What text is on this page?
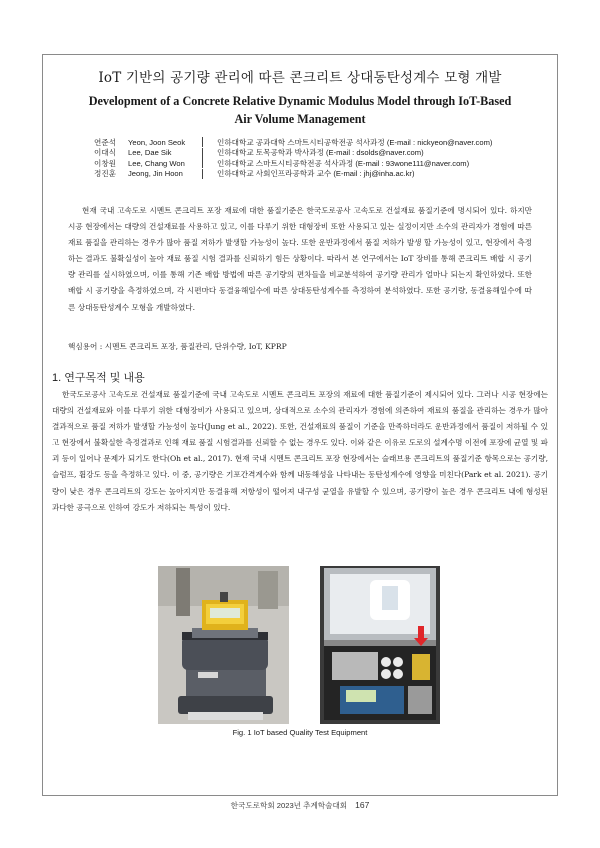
IoT 기반의 공기량 관리에 따른 콘크리트 상대동탄성계수 모형 개발
Development of a Concrete Relative Dynamic Modulus Model through IoT-Based Air Volume Management
연준석	Yeon, Joon Seok	인하대학교 공과대학 스마트시티공학전공 석사과정 (E-mail : nickyeon@naver.com)
이대식	Lee, Dae Sik	인하대학교 토목공학과 박사과정 (E-mail : dsolds@naver.com)
이창원	Lee, Chang Won	인하대학교 스마트시티공학전공 석사과정 (E-mail : 93wone111@naver.com)
정진훈	Jeong, Jin Hoon	인하대학교 사회인프라공학과 교수 (E-mail : jhj@inha.ac.kr)

현재 국내 고속도로 시멘트 콘크리트 포장 재료에 대한 품질기준은 한국도로공사 고속도로 건설재료 품질기준에 명시되어 있다. 하지만 시공 현장에서는 대량의 건설재료를 사용하고 있고, 이를 다루기 위한 대형장비 또한 사용되고 있는 실정이지만 소수의 관리자가 경험에 따른 재료 품질을 관리하는 경우가 많아 품질 저하가 발생할 가능성이 높다. 또한 운반과정에서 품질 저하가 발생 할 가능성이 있고, 현장에서 측정하는 결과도 불확실성이 높아 재료 품질 시험 결과를 신뢰하기 힘든 상황이다. 따라서 본 연구에서는 IoT 장비를 통해 콘크리트 배합 시 공기량 관리를 실시하였으며, 이를 통해 기존 배합 방법에 따른 공기량의 편차들을 비교분석하여 공기량 관리가 얼마나 되는지 확인하였다. 또한 배합 시 공기량을 측정하였으며, 각 시편마다 동결융해일수에 따른 상대동탄성계수를 측정하여 분석하였다. 또한 공기량, 동결융해일수에 따른 상대동탄성계수 모형을 개발하였다.

핵심용어 : 시멘트 콘크리트 포장, 품질관리, 단위수량, IoT, KPRP
1. 연구목적 및 내용

한국도로공사 고속도로 건설재료 품질기준에 국내 고속도로 시멘트 콘크리트 포장의 재료에 대한 품질기준이 제시되어 있다. 그러나 시공 현장에는 대량의 건설재료와 이를 다루기 위한 대형장비가 사용되고 있으며, 상대적으로 소수의 관리자가 경험에 의존하여 재료의 품질을 관리하는 경우가 많아 결과적으로 품질 저하가 발생할 가능성이 높다(Jung et al., 2022). 또한, 건설재료의 품질이 기준을 만족하더라도 운반과정에서 품질이 저하될 수 있고 현장에서 불확실한 측정결과로 인해 재료 품질 시험결과를 신뢰할 수 없는 경우도 있다. 이와 같은 이유로 도로의 설계수명 이전에 포장에 균열 및 파괴 등이 일어나 문제가 되기도 한다(Oh et al., 2017). 현재 국내 시멘트 콘크리트 포장 현장에서는 슬래브용 콘크리트의 품질기준 항목으로는 공기량, 슬럼프, 휨강도 등을 측정하고 있다. 이 중, 공기량은 기포간격계수와 함께 내동해성을 나타내는 동탄성계수에 영향을 미친다(Park et al. 2021). 공기량이 낮은 경우 콘크리트의 강도는 높아지지만 동결융해 저항성이 떨어져 내구성 균열을 유발할 수 있으며, 공기량이 높은 경우 콘크리트 내에 형성된 과다한 공극으로 인하여 강도가 저하되는 특성이 있다.

Fig. 1 IoT based Quality Test Equipment
한국도로학회 2023년 추계학술대회 167
